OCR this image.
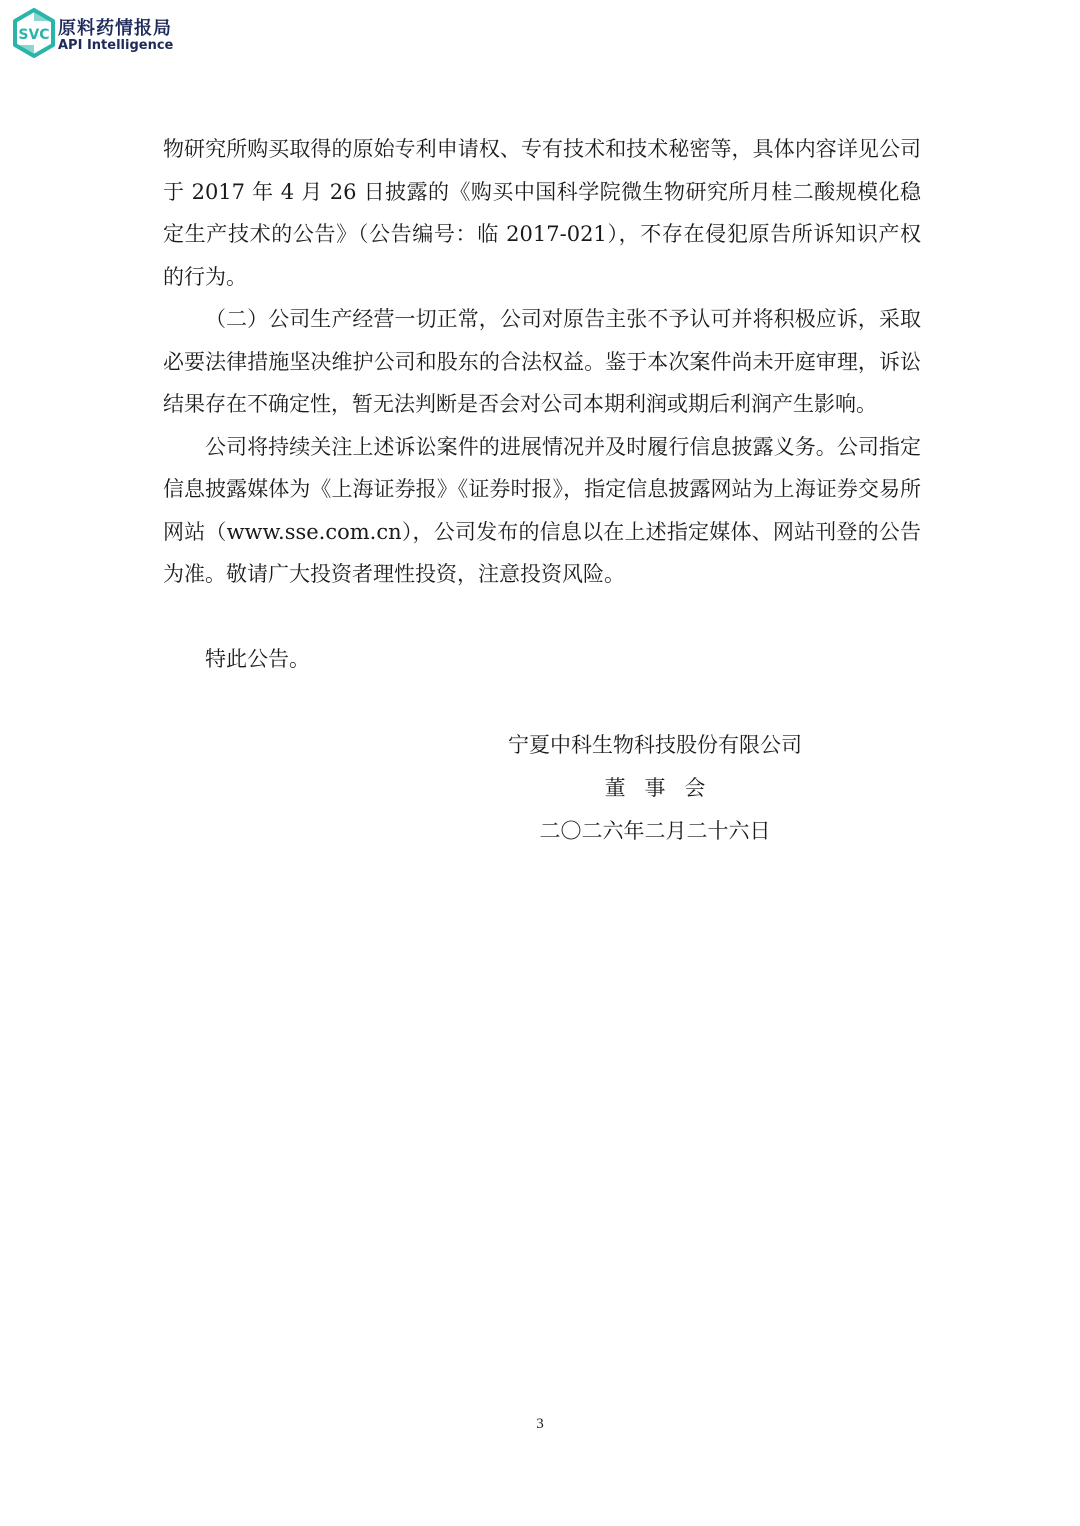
SVC 原料药情报局
API Intelligence

物研究所购买取得的原始专利申请权、专有技术和技术秘密等，具体内容详见公司于 2017 年 4 月 26 日披露的《购买中国科学院微生物研究所月桂二酸规模化稳定生产技术的公告》（公告编号：临 2017-021），不存在侵犯原告所诉知识产权的行为。

（二）公司生产经营一切正常，公司对原告主张不予认可并将积极应诉，采取必要法律措施坚决维护公司和股东的合法权益。鉴于本次案件尚未开庭审理，诉讼结果存在不确定性，暂无法判断是否会对公司本期利润或期后利润产生影响。

公司将持续关注上述诉讼案件的进展情况并及时履行信息披露义务。公司指定信息披露媒体为《上海证券报》《证券时报》，指定信息披露网站为上海证券交易所网站（www.sse.com.cn），公司发布的信息以在上述指定媒体、网站刊登的公告为准。敬请广大投资者理性投资，注意投资风险。

特此公告。

宁夏中科生物科技股份有限公司
董事会
二〇二六年二月二十六日
3
